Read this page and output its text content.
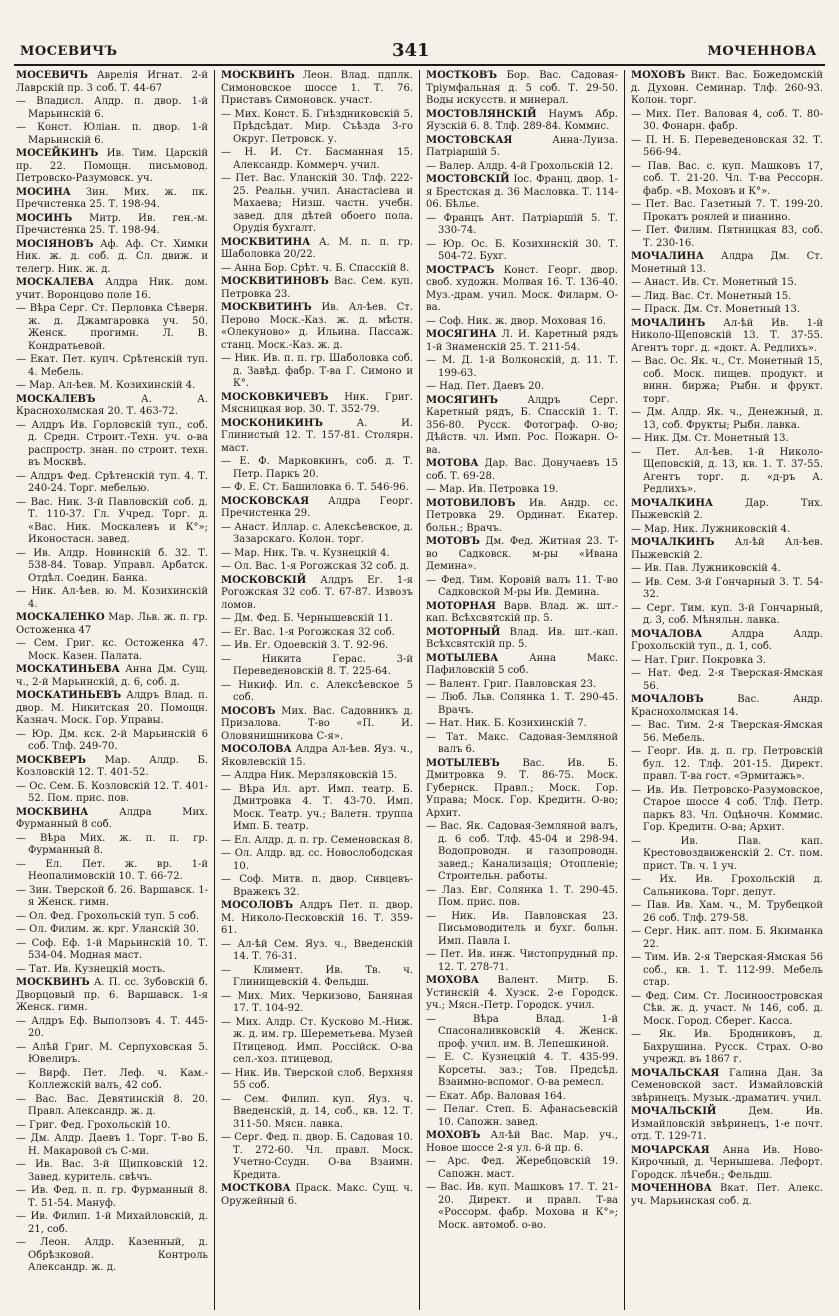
МОСЕВИЧЪ	341	МОЧЕННОВА
МОСЕВИЧЪ Аврелія Игнат. 2-й Лаврскій пр. 3 соб. Т. 44-67
— Владисл. Алдр. п. двор. 1-й Марьинскій 6.
— Конст. Юліан. п. двор. 1-й Марьинскій 6.
МОСЕЙКИНЪ Ив. Тим. Царскій пр. 22. Помощн. письмовод. Петровско-Разумовск. уч.
МОСИНА Зин. Мих. ж. пк. Пречистенка 25. Т. 198-94.
МОСИНЪ Митр. Ив. ген.-м. Пречистенка 25. Т. 198-94.
МОСІЯНОВЪ Аф. Аф. Ст. Химки Ник. ж. д. соб. д. Сл. движ. и телегр. Ник. ж. д.
МОСКАЛЕВА Алдра Ник. дом. учит. Воронцово поле 16.
— Вѣра Серг. Ст. Перловка Сѣверн. ж. д. Джамгаровка уч. 50. Женск. прогимн. Л. В. Кондратьевой.
— Екат. Пет. купч. Срѣтенскій туп. 4. Мебель.
— Мар. Ал-ѣев. М. Козихинскій 4.
МОСКАЛЕВЪ	А. А. Краснохолмская 20. Т. 463-72.
— Алдръ Ив. Горловскій туп., соб. д. Средн. Строит.-Техн. уч. о-ва распростр. знан. по строит. техн. въ Москвѣ.
— Алдръ Фед. Срѣтенскій туп. 4. Т. 240-24. Торг. мебелью.
— Вас. Ник. 3-й Павловскій соб. д. Т. 110-37. Гл. Учред. Торг. д. «Вас. Ник. Москалевъ и К°»; Иконостасн. завед.
— Ив. Алдр. Новинскій б. 32. Т. 538-84. Товар. Управл. Арбатск. Отдѣл. Соедин. Банка.
— Ник. Ал-ѣев. ю. М. Козихинскій 4.
МОСКАЛЕНКО Мар. Льв. ж. п. гр. Остоженка 47
— Сем. Григ. кс. Остоженка 47. Моск. Казен. Палата.
МОСКАТИНЬЕВА Анна Дм. Сущ. ч., 2-й Марьинскій, д. 6, соб. д.
МОСКАТИНЬЕВЪ Алдръ Влад. п. двор. М. Никитская 20. Помощн. Казнач. Моск. Гор. Управы.
— Юр. Дм. кск. 2-й Марьинскій 6 соб. Тлф. 249-70.
МОСКВЕРЪ Мар. Алдр. Б. Козловскій 12. Т. 401-52.
— Ос. Сем. Б. Козловскій 12. Т. 401-52. Пом. прис. пов.
МОСКВИНА	Алдра Мих. Фурманный 8 соб.
— Вѣра Мих. ж. п. п. гр. Фурманный 8.
— Ел. Пет. ж. вр. 1-й Неопалимовскій 10. Т. 66-72.
— Зин. Тверской б. 26. Варшавск. 1-я Женск. гимн.
— Ол. Фед. Грохольскій туп. 5 соб.
— Ол. Филим. ж. крг. Уланскій 30.
— Соф. Еф. 1-й Марьинскій 10. Т. 534-04. Модная маст.
— Тат. Ив. Кузнецкій мость.
МОСКВИНЪ А. П. сс. Зубовскій б. Дворцовый пр. 6. Варшавск. 1-я Женск. гимн.
— Алдръ Еф. Выползовъ 4. Т. 445-20.
— Алѣй Григ. М. Серпуховская 5. Ювелиръ.
— Вирф. Пет. Леф. ч. Кам.-Коллежскій валъ, 42 соб.
— Вас. Вас. Девятинскій 8. 20. Правл. Александр. ж. д.
— Григ. Фед. Грохольскій 10.
— Дм. Алдр. Даевъ 1. Торг. Т-во Б. Н. Макаровой съ С-ми.
— Ив. Вас. 3-й Щипковскій 12. Завед. куритель. свѣчъ.
— Ив. Фед. п. п. гр. Фурманный 8. Т. 51-54. Мануф.
— Ив. Филип. 1-й Михайловскій, д. 21, соб.
— Леон. Алдр. Казенный, д. Обрѣзковой. Контроль Александр. ж. д.
МОСКВИНЪ Леон. Влад. пдплк. Симоновское шоссе 1. Т. 76. Приставъ Симоновск. участ.
— Мих. Конст. Б. Гнѣздниковскій 5. Прѣдсѣдат. Мир. Съѣзда 3-го Округ. Петровск. у.
— Н. И. Ст. Басманная 15. Александр. Коммерч. учил.
— Пет. Вас. Уланскій 30. Тлф. 222-25. Реальн. учил. Анастасіева и Махаева; Низш. частн. учебн. завед. для дѣтей обоего пола. Орудія бухгалт.
МОСКВИТИНА А. М. п. п. гр. Шаболовка 20/22.
— Анна Бор. Срѣт. ч. Б. Спасскій 8.
МОСКВИТИНОВЪ Вас. Сем. куп. Петровка 23.
МОСКВИТИНЪ Ив. Ал-ѣев. Ст. Перово Моск.-Каз. ж. д. мѣстн. «Олекуново» д. Ильина. Пассаж. станц. Моск.-Каз. ж. д.
— Ник. Ив. п. п. гр. Шаболовка соб. д. Завѣд. фабр. Т-ва Г. Симоно и К°.
МОСКОВКИЧЕВЪ Ник. Григ. Мясницкая вор. 30. Т. 352-79.
МОСКОНИКИНЪ	А. И. Глинистый 12. Т. 157-81. Столярн. маст.
— Е. Ф. Марковкинъ, соб. д. Т. Петр. Паркъ 20.
— Ф. Е. Ст. Башиловка 6. Т. 546-96.
МОСКОВСКАЯ Алдра Георг. Пречистенка 29.
— Анаст. Иллар. с. Алексѣевское, д. Зазарскаго. Колон. торг.
— Мар. Ник. Тв. ч. Кузнецкій 4.
— Ол. Вас. 1-я Рогожская 32 соб. д.
МОСКОВСКІЙ Алдръ Ег. 1-я Рогожская 32 соб. Т. 67-87. Извозъ ломов.
— Дм. Фед. Б. Чернышевскій 11.
— Ег. Вас. 1-я Рогожская 32 соб.
— Ив. Ег. Одоевскій 3. Т. 92-96.
— Никита Герас. 3-й Переведеновскій 8. Т. 225-64.
— Никиф. Ил. с. Алексѣевское 5 соб.
МОСОВЪ Мих. Вас. Садовникъ д. Призалова. Т-во «П. И. Оловянишникова С-я».
МОСОЛОВА Алдра Ал-ѣев. Яуз. ч., Яковлевскій 15.
— Алдра Ник. Мерзляковскій 15.
— Вѣра Ил. арт. Имп. театр. Б. Дмитровка 4. Т. 43-70. Имп. Моск. Театр. уч.; Валетн. труппа Имп. Б. театр.
— Ел. Алдр. д. п. гр. Семеновская 8.
— Ол. Алдр. вд. сс. Новослободская 10.
— Соф. Митв. п. двор. Сивцевъ-Вражекъ 32.
МОСОЛОВЪ Алдръ Пет. п. двор. М. Николо-Песковскій 16. Т. 359-61.
— Ал-ѣй Сем. Яуз. ч., Введенскій 14. Т. 76-31.
— Климент. Ив. Тв. ч. Глинищевскій 4. Фельдш.
— Мих. Мих. Черкизово, Баняная 17. Т. 104-92.
— Мих. Алдр. Ст. Кусково М.-Ниж. ж. д. им. гр. Шереметьева. Музей Птицевод. Имп. Россійск. О-ва сел.-хоз. птицевод.
— Ник. Ив. Тверской слоб. Верхняя 55 соб.
— Сем. Филип. куп. Яуз. ч. Введенскій, д. 14, соб., кв. 12. Т. 311-50. Мясн. лавка.
— Серг. Фед. п. двор. Б. Садовая 10. Т. 272-60. Чл. правл. Моск. Учетно-Ссудн. О-ва Взаимн. Кредита.
МОСТКОВА Праск. Макс. Сущ. ч. Оружейный 6.
МОСТКОВЪ Бор. Вас. Садовая-Тріумфальная д. 5 соб. Т. 29-50. Воды искусств. и минерал.
МОСТОВЛЯНСКІЙ Наумъ Абр. Яузскій 6. 8. Тлф. 289-84. Коммис.
МОСТОВСКАЯ	Анна-Луиза. Патріаршій 5.
— Валер. Алдр. 4-й Грохольскій 12.
МОСТОВСКІЙ Іос. Франц. двор. 1-я Брестская д. 36 Масловка. Т. 114-06. Бѣлье.
— Францъ Ант. Патріаршій 5. Т. 330-74.
— Юр. Ос. Б. Козихинскій 30. Т. 504-72. Бухг.
МОСТРАСЪ Конст. Георг. двор. своб. художн. Молвая 16. Т. 136-40. Муз.-драм. учил. Моск. Филарм. О-ва.
— Соф. Ник. ж. двор. Моховая 16.
МОСЯГИНА Л. И. Каретный рядъ 1-й Знаменскій 25. Т. 211-54.
— М. Д. 1-й Волконскій, д. 11. Т. 199-63.
— Над. Пет. Даевъ 20.
МОСЯГИНЪ	Алдръ Серг. Каретный рядъ, Б. Спасскій 1. Т. 356-80. Русск. Фотограф. О-во; Дѣйств. чл. Имп. Рос. Пожарн. О-ва.
МОТОВА Дар. Вас. Донучаевъ 15 соб. Т. 69-28.
— Мар. Ив. Петровка 19.
МОТОВИЛОВЪ Ив. Андр. сс. Петровка 29. Ординат. Екатер. больн.; Врачъ.
МОТОВЪ Дм. Фед. Житная 23. Т-во Садковск. м-ры «Ивана Демина».
— Фед. Тим. Коровій валъ 11. Т-во Садковской М-ры Ив. Демина.
МОТОРНАЯ Варв. Влад. ж. шт.-кап. Всѣхсвятскій пр. 5.
МОТОРНЫЙ Влад. Ив. шт.-кап. Всѣхсвятскій пр. 5.
МОТЫЛЕВА	Анна Макс. Пафиловскій 5 соб.
— Валент. Григ. Павловская 23.
— Люб. Льв. Солянка 1. Т. 290-45. Врачъ.
— Нат. Ник. Б. Козихинскій 7.
— Тат. Макс. Садовая-Земляной валъ 6.
МОТЫЛЕВЪ Вас. Ив. Б. Дмитровка 9. Т. 86-75. Моск. Губернск. Правл.; Моск. Гор. Управа; Моск. Гор. Кредитн. О-во; Архит.
— Вас. Як. Садовая-Земляной валъ, д. 6 соб. Тлф. 45-04 и 298-94. Водопроводн. и газопроводн. завед.; Канализація; Отопленіе; Строительн. работы.
— Лаз. Евг. Солянка 1. Т. 290-45. Пом. прис. пов.
— Ник. Ив. Павловская 23. Письмоводитель и бухг. больн. Имп. Павла I.
— Пет. Ив. инж. Чистопрудный пр. 12. Т. 278-71.
МОХОВА Валент. Митр. Б. Устинскій 4. Хузск. 2-е Городск. уч.; Мясн.-Петр. Городск. учил.
— Вѣра Влад. 1-й Спасоналивковскій 4. Женск. проф. учил. им. В. Лепешкиной.
— Е. С. Кузнецкій 4. Т. 435-99. Корсеты. заз.; Тов. Предсѣд. Взаимно-вспомог. О-ва ремесл.
— Екат. Абр. Валовая 164.
— Пелаг. Степ. Б. Афанасьевскій 10. Сапожн. завед.
МОХОВЪ Ал-ѣй Вас. Мар. уч., Новое шоссе 2-я ул. 6-й пр. 6.
— Арс. Фед. Жеребцовскій 19. Сапожн. маст.
— Вас. Ив. куп. Машковъ 17. Т. 21-20. Директ. и правл. Т-ва «Россорм. фабр. Мохова и К°»; Моск. автомоб. о-во.
МОХОВЪ Викт. Вас. Божедомскій д. Духовн. Семинар. Тлф. 260-93. Колон. торг.
— Мих. Пет. Валовая 4, соб. Т. 80-30. Фонарн. фабр.
— П. Н. Б. Переведеновская 32. Т. 566-94.
— Пав. Вас. с. куп. Машковъ 17, соб. Т. 21-20. Чл. Т-ва Рессорн. фабр. «В. Моховъ и К°».
— Пет. Вас. Газетный 7. Т. 199-20. Прокатъ роялей и пианино.
— Пет. Филим. Пятницкая 83, соб. Т. 230-16.
МОЧАЛИНА Алдра Дм. Ст. Монетный 13.
— Анаст. Ив. Ст. Монетный 15.
— Лид. Вас. Ст. Монетный 15.
— Праск. Дм. Ст. Монетный 13.
МОЧАЛИНЪ Ал-ѣй Ив. 1-й Николо-Щеповскій 13. Т. 37-55. Агентъ торг. д. «докт. А. Редлихъ».
— Вас. Ос. Як. ч., Ст. Монетный 15, соб. Моск. пищев. продукт. и винн. биржа; Рыбн. и фрукт. торг.
— Дм. Алдр. Як. ч., Денежный, д. 13, соб. Фрукты; Рыбн. лавка.
— Ник. Дм. Ст. Монетный 13.
— Пет. Ал-ѣев. 1-й Николо-Щеповскій, д. 13, кв. 1. Т. 37-55. Агентъ торг. д. «д-ръ А. Редлихъ».
МОЧАЛКИНА	Дар. Тих. Пыжевскій 2.
— Мар. Ник. Лужниковскій 4.
МОЧАЛКИНЪ Ал-ѣй Ал-ѣев. Пыжевскій 2.
— Ив. Пав. Лужниковскій 4.
— Ив. Сем. 3-й Гончарный 3. Т. 54-32.
— Серг. Тим. куп. 3-й Гончарный, д. 3, соб. Мѣняльн. лавка.
МОЧАЛОВА	Алдра Алдр. Грохольскій туп., д. 1, соб.
— Нат. Григ. Покровка 3.
— Нат. Фед. 2-я Тверская-Ямская 56.
МОЧАЛОВЪ	Вас. Андр. Краснохолмская 14.
— Вас. Тим. 2-я Тверская-Ямская 56. Мебель.
— Георг. Ив. д. п. гр. Петровскій бул. 12. Тлф. 201-15. Директ. правл. Т-ва гост. «Эрмитажъ».
— Ив. Ив. Петровско-Разумовское, Старое шоссе 4 соб. Тлф. Петр. паркъ 83. Чл. Оцѣночн. Коммис. Гор. Кредитн. О-ва; Архит.
— Ив. Пав. кап. Крестовоздвиженскій 2. Ст. пом. прист. Тв. ч. 1 уч.
— Их. Ив. Грохольскій д. Сальникова. Торг. депут.
— Пав. Ив. Хам. ч., М. Трубецкой 26 соб. Тлф. 279-58.
— Серг. Ник. апт. пом. Б. Якиманка 22.
— Тим. Ив. 2-я Тверская-Ямская 56 соб., кв. 1. Т. 112-99. Мебель стар.
— Фед. Сим. Ст. Лосиноостровская Сѣв. ж. д. участ. № 146, соб. д. Моск. Город. Сберег. Касса.
— Як. Ив. Бродниковъ, д. Бахрушина. Русск. Страх. О-во учрежд. въ 1867 г.
МОЧАЛЬСКАЯ Галина Дан. За Семеновской заст. Измайловскій звѣринецъ. Музык.-драматич. учил.
МОЧАЛЬСКІЙ	Дем. Ив. Измайловскій звѣринецъ, 1-е почт. отд. Т. 129-71.
МОЧАРСКАЯ Анна Ив. Ново-Кирочный, д. Чернышева. Лефорт. Городск. лѣчебн.; Фельдш.
МОЧЕННОВА Вкат. Пет. Алекс. уч. Марьинская соб. д.
